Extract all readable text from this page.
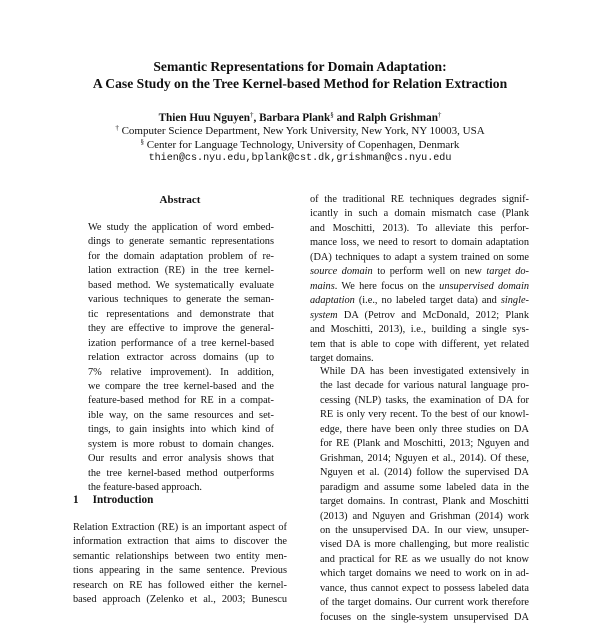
Semantic Representations for Domain Adaptation:
A Case Study on the Tree Kernel-based Method for Relation Extraction
Thien Huu Nguyen†, Barbara Plank§ and Ralph Grishman†
† Computer Science Department, New York University, New York, NY 10003, USA
§ Center for Language Technology, University of Copenhagen, Denmark
thien@cs.nyu.edu,bplank@cst.dk,grishman@cs.nyu.edu
Abstract
We study the application of word embed-
dings to generate semantic representations
for the domain adaptation problem of re-
lation extraction (RE) in the tree kernel-
based method. We systematically evaluate
various techniques to generate the seman-
tic representations and demonstrate that
they are effective to improve the general-
ization performance of a tree kernel-based
relation extractor across domains (up to
7% relative improvement). In addition,
we compare the tree kernel-based and the
feature-based method for RE in a compat-
ible way, on the same resources and set-
tings, to gain insights into which kind of
system is more robust to domain changes.
Our results and error analysis shows that
the tree kernel-based method outperforms
the feature-based approach.
1 Introduction
Relation Extraction (RE) is an important aspect of
information extraction that aims to discover the
semantic relationships between two entity men-
tions appearing in the same sentence. Previous
research on RE has followed either the kernel-
based approach (Zelenko et al., 2003; Bunescu
of the traditional RE techniques degrades signif-
icantly in such a domain mismatch case (Plank
and Moschitti, 2013). To alleviate this perfor-
mance loss, we need to resort to domain adaptation
(DA) techniques to adapt a system trained on some
source domain to perform well on new target do-
mains. We here focus on the unsupervised domain
adaptation (i.e., no labeled target data) and single-
system DA (Petrov and McDonald, 2012; Plank
and Moschitti, 2013), i.e., building a single sys-
tem that is able to cope with different, yet related
target domains.
While DA has been investigated extensively in
the last decade for various natural language pro-
cessing (NLP) tasks, the examination of DA for
RE is only very recent. To the best of our knowl-
edge, there have been only three studies on DA
for RE (Plank and Moschitti, 2013; Nguyen and
Grishman, 2014; Nguyen et al., 2014). Of these,
Nguyen et al. (2014) follow the supervised DA
paradigm and assume some labeled data in the
target domains. In contrast, Plank and Moschitti
(2013) and Nguyen and Grishman (2014) work
on the unsupervised DA. In our view, unsuper-
vised DA is more challenging, but more realistic
and practical for RE as we usually do not know
which target domains we need to work on in ad-
vance, thus cannot expect to possess labeled data
of the target domains. Our current work therefore
focuses on the single-system unsupervised DA
